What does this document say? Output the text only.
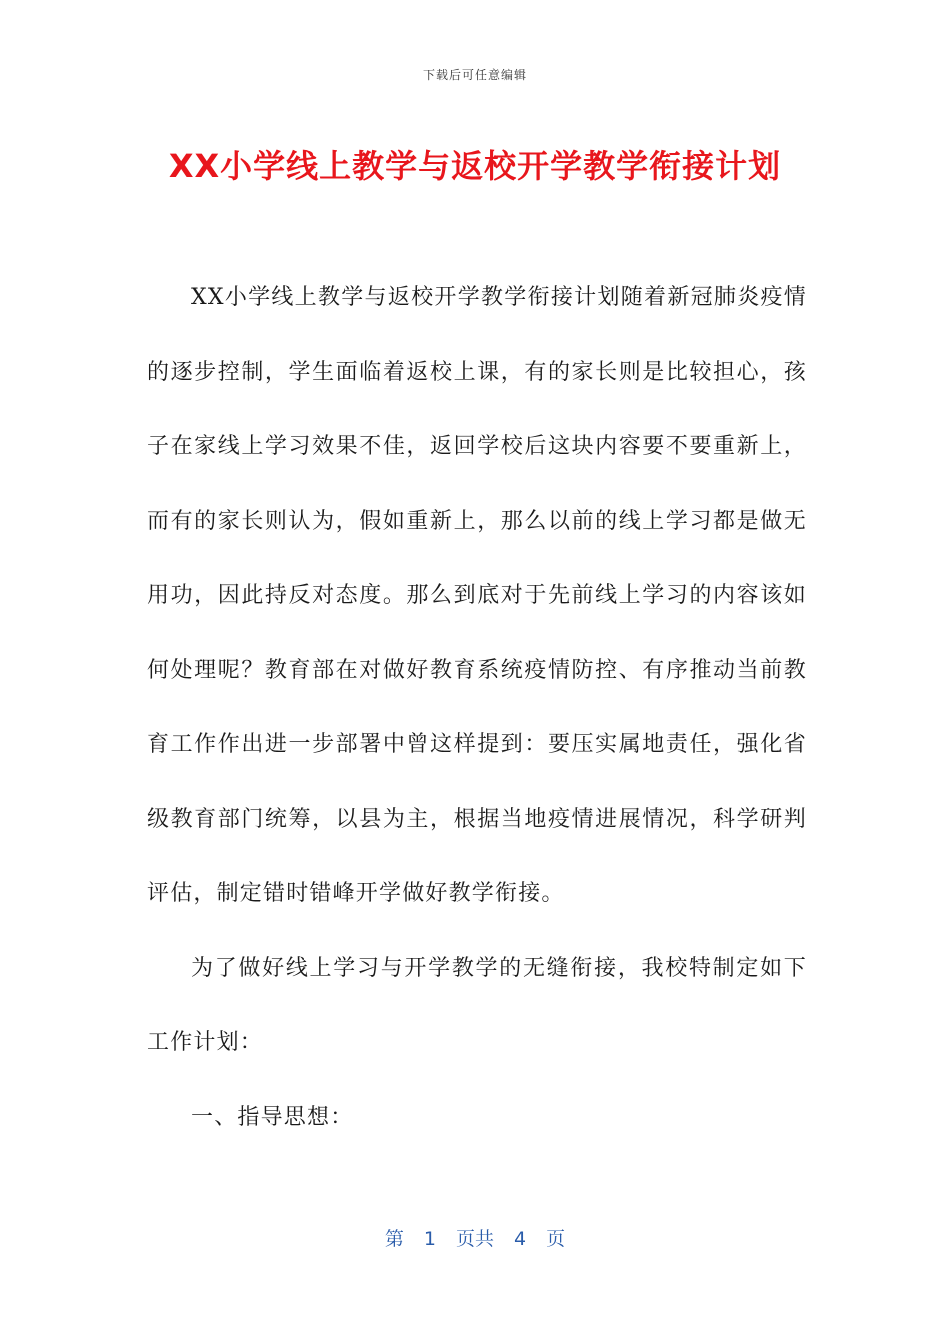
下载后可任意编辑
XX小学线上教学与返校开学教学衔接计划

XX小学线上教学与返校开学教学衔接计划随着新冠肺炎疫情的逐步控制，学生面临着返校上课，有的家长则是比较担心，孩子在家线上学习效果不佳，返回学校后这块内容要不要重新上，而有的家长则认为，假如重新上，那么以前的线上学习都是做无用功，因此持反对态度。那么到底对于先前线上学习的内容该如何处理呢？教育部在对做好教育系统疫情防控、有序推动当前教育工作作出进一步部署中曾这样提到：要压实属地责任，强化省级教育部门统筹，以县为主，根据当地疫情进展情况，科学研判评估，制定错时错峰开学做好教学衔接。

为了做好线上学习与开学教学的无缝衔接，我校特制定如下工作计划：

一、指导思想：

第 1 页共 4 页
